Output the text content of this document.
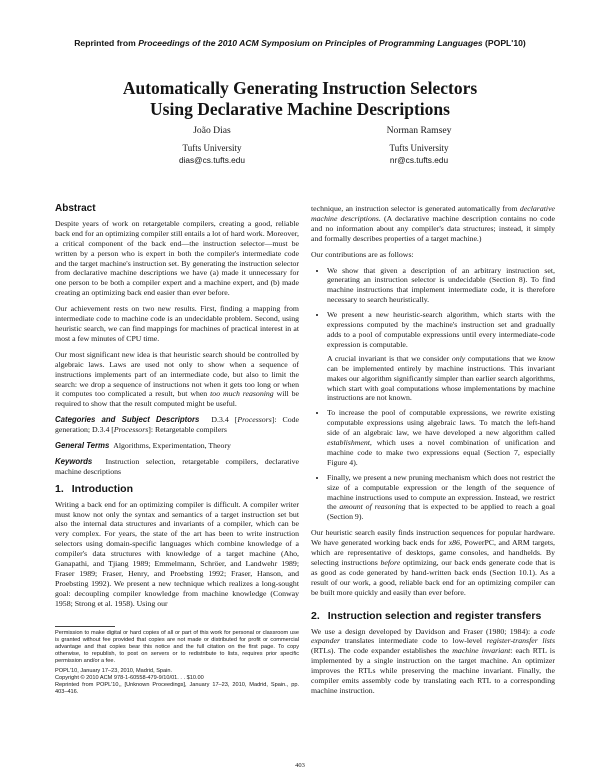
Reprinted from Proceedings of the 2010 ACM Symposium on Principles of Programming Languages (POPL'10)
Automatically Generating Instruction Selectors
Using Declarative Machine Descriptions
João Dias
Tufts University
dias@cs.tufts.edu
Norman Ramsey
Tufts University
nr@cs.tufts.edu
Abstract

Despite years of work on retargetable compilers, creating a good, reliable back end for an optimizing compiler still entails a lot of hard work. Moreover, a critical component of the back end—the instruction selector—must be written by a person who is expert in both the compiler's intermediate code and the target machine's instruction set. By generating the instruction selector from declarative machine descriptions we have (a) made it unnecessary for one person to be both a compiler expert and a machine expert, and (b) made creating an optimizing back end easier than ever before.

Our achievement rests on two new results. First, finding a mapping from intermediate code to machine code is an undecidable problem. Second, using heuristic search, we can find mappings for machines of practical interest in at most a few minutes of CPU time.

Our most significant new idea is that heuristic search should be controlled by algebraic laws. Laws are used not only to show when a sequence of instructions implements part of an intermediate code, but also to limit the search: we drop a sequence of instructions not when it gets too long or when it computes too complicated a result, but when too much reasoning will be required to show that the result computed might be useful.

Categories and Subject Descriptors D.3.4 [Processors]: Code generation; D.3.4 [Processors]: Retargetable compilers

General Terms Algorithms, Experimentation, Theory

Keywords Instruction selection, retargetable compilers, declarative machine descriptions

1. Introduction

Writing a back end for an optimizing compiler is difficult. A compiler writer must know not only the syntax and semantics of a target instruction set but also the internal data structures and invariants of a compiler, which can be very complex. For years, the state of the art has been to write instruction selectors using domain-specific languages which combine knowledge of a compiler's data structures with knowledge of a target machine (Aho, Ganapathi, and Tjiang 1989; Emmelmann, Schröer, and Landwehr 1989; Fraser 1989; Fraser, Henry, and Proebsting 1992; Fraser, Hanson, and Proebsting 1992). We present a new technique which realizes a long-sought goal: decoupling compiler knowledge from machine knowledge (Conway 1958; Strong et al. 1958). Using our

Permission to make digital or hard copies of all or part of this work for personal or classroom use is granted without fee provided that copies are not made or distributed for profit or commercial advantage and that copies bear this notice and the full citation on the first page. To copy otherwise, to republish, to post on servers or to redistribute to lists, requires prior specific permission and/or a fee.

POPL'10, January 17–23, 2010, Madrid, Spain.
Copyright © 2010 ACM 978-1-60558-479-9/10/01. . . $10.00
Reprinted from POPL'10,, [Unknown Proceedings], January 17–23, 2010, Madrid, Spain., pp. 403–416.

technique, an instruction selector is generated automatically from declarative machine descriptions. (A declarative machine description contains no code and no information about any compiler's data structures; instead, it simply and formally describes properties of a target machine.)

Our contributions are as follows:

• We show that given a description of an arbitrary instruction set, generating an instruction selector is undecidable (Section 8). To find machine instructions that implement intermediate code, it is therefore necessary to search heuristically.

• We present a new heuristic-search algorithm, which starts with the expressions computed by the machine's instruction set and gradually adds to a pool of computable expressions until every intermediate-code expression is computable.

A crucial invariant is that we consider only computations that we know can be implemented entirely by machine instructions. This invariant makes our algorithm significantly simpler than earlier search algorithms, which start with goal computations whose implementations by machine instructions are not known.

• To increase the pool of computable expressions, we rewrite existing computable expressions using algebraic laws. To match the left-hand side of an algebraic law, we have developed a new algorithm called establishment, which uses a novel combination of unification and machine code to make two expressions equal (Section 7, especially Figure 4).
• Finally, we present a new pruning mechanism which does not restrict the size of a computable expression or the length of the sequence of machine instructions used to compute an expression. Instead, we restrict the amount of reasoning that is expected to be applied to reach a goal (Section 9).

Our heuristic search easily finds instruction sequences for popular hardware. We have generated working back ends for x86, PowerPC, and ARM targets, which are representative of desktops, game consoles, and handhelds. By selecting instructions before optimizing, our back ends generate code that is as good as code generated by hand-written back ends (Section 10.1). As a result of our work, a good, reliable back end for an optimizing compiler can be built more quickly and easily than ever before.

2. Instruction selection and register transfers

We use a design developed by Davidson and Fraser (1980; 1984): a code expander translates intermediate code to low-level register-transfer lists (RTLs). The code expander establishes the machine invariant: each RTL is implemented by a single instruction on the target machine. An optimizer improves the RTLs while preserving the machine invariant. Finally, the compiler emits assembly code by translating each RTL to a corresponding machine instruction.

403
